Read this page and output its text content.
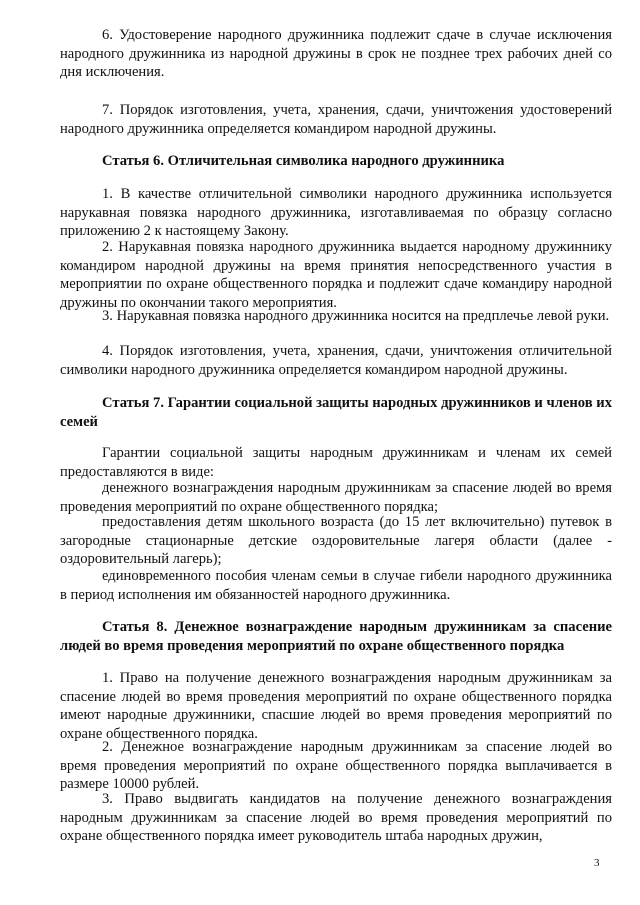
6. Удостоверение народного дружинника подлежит сдаче в случае исключения народного дружинника из народной дружины в срок не позднее трех рабочих дней со дня исключения.

7. Порядок изготовления, учета, хранения, сдачи, уничтожения удостоверений народного дружинника определяется командиром народной дружины.

Статья 6. Отличительная символика народного дружинника

1. В качестве отличительной символики народного дружинника используется нарукавная повязка народного дружинника, изготавливаемая по образцу согласно приложению 2 к настоящему Закону.

2. Нарукавная повязка народного дружинника выдается народному дружиннику командиром народной дружины на время принятия непосредственного участия в мероприятии по охране общественного порядка и подлежит сдаче командиру народной дружины по окончании такого мероприятия.

3. Нарукавная повязка народного дружинника носится на предплечье левой руки.

4. Порядок изготовления, учета, хранения, сдачи, уничтожения отличительной символики народного дружинника определяется командиром народной дружины.

Статья 7. Гарантии социальной защиты народных дружинников и членов их семей

Гарантии социальной защиты народным дружинникам и членам их семей предоставляются в виде:

денежного вознаграждения народным дружинникам за спасение людей во время проведения мероприятий по охране общественного порядка;

предоставления детям школьного возраста (до 15 лет включительно) путевок в загородные стационарные детские оздоровительные лагеря области (далее - оздоровительный лагерь);

единовременного пособия членам семьи в случае гибели народного дружинника в период исполнения им обязанностей народного дружинника.

Статья 8. Денежное вознаграждение народным дружинникам за спасение людей во время проведения мероприятий по охране общественного порядка

1. Право на получение денежного вознаграждения народным дружинникам за спасение людей во время проведения мероприятий по охране общественного порядка имеют народные дружинники, спасшие людей во время проведения мероприятий по охране общественного порядка.

2. Денежное вознаграждение народным дружинникам за спасение людей во время проведения мероприятий по охране общественного порядка выплачивается в размере 10000 рублей.

3. Право выдвигать кандидатов на получение денежного вознаграждения народным дружинникам за спасение людей во время проведения мероприятий по охране общественного порядка имеет руководитель штаба народных дружин,

3
